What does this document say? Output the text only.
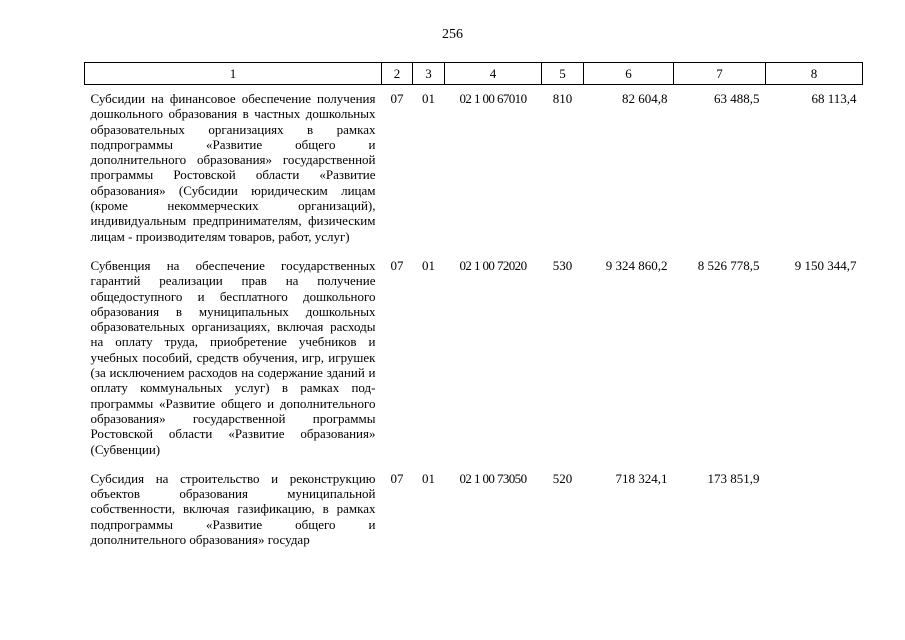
256
1	2	3	4	5	6	7	8
Субсидии на финансовое обеспечение получения дошкольного образования в частных дошкольных образовательных организациях в рамках подпрограммы «Развитие общего и дополнительного образования» государственной программы Ростовской области «Развитие образования» (Субсидии юридическим лицам (кроме некоммерческих организаций), индивидуальным предпринимателям, физическим лицам - производителям товаров, работ, услуг)	07	01	02 1 00 67010	810	82 604,8	63 488,5	68 113,4
Субвенция на обеспечение государственных гарантий реализации прав на получение общедоступного и бесплатного дошкольного образования в муниципальных дошкольных образовательных организациях, включая расходы на оплату труда, приобретение учебников и учебных пособий, средств обучения, игр, игрушек (за исключением расходов на содержание зданий и оплату коммунальных услуг) в рамках подпрограммы «Развитие общего и дополнительного образования» государственной программы Ростовской области «Развитие образования» (Субвенции)	07	01	02 1 00 72020	530	9 324 860,2	8 526 778,5	9 150 344,7
Субсидия на строительство и реконструкцию объектов образования муниципальной собственности, включая газификацию, в рамках подпрограммы «Развитие общего и дополнительного образования» государ	07	01	02 1 00 73050	520	718 324,1	173 851,9	
